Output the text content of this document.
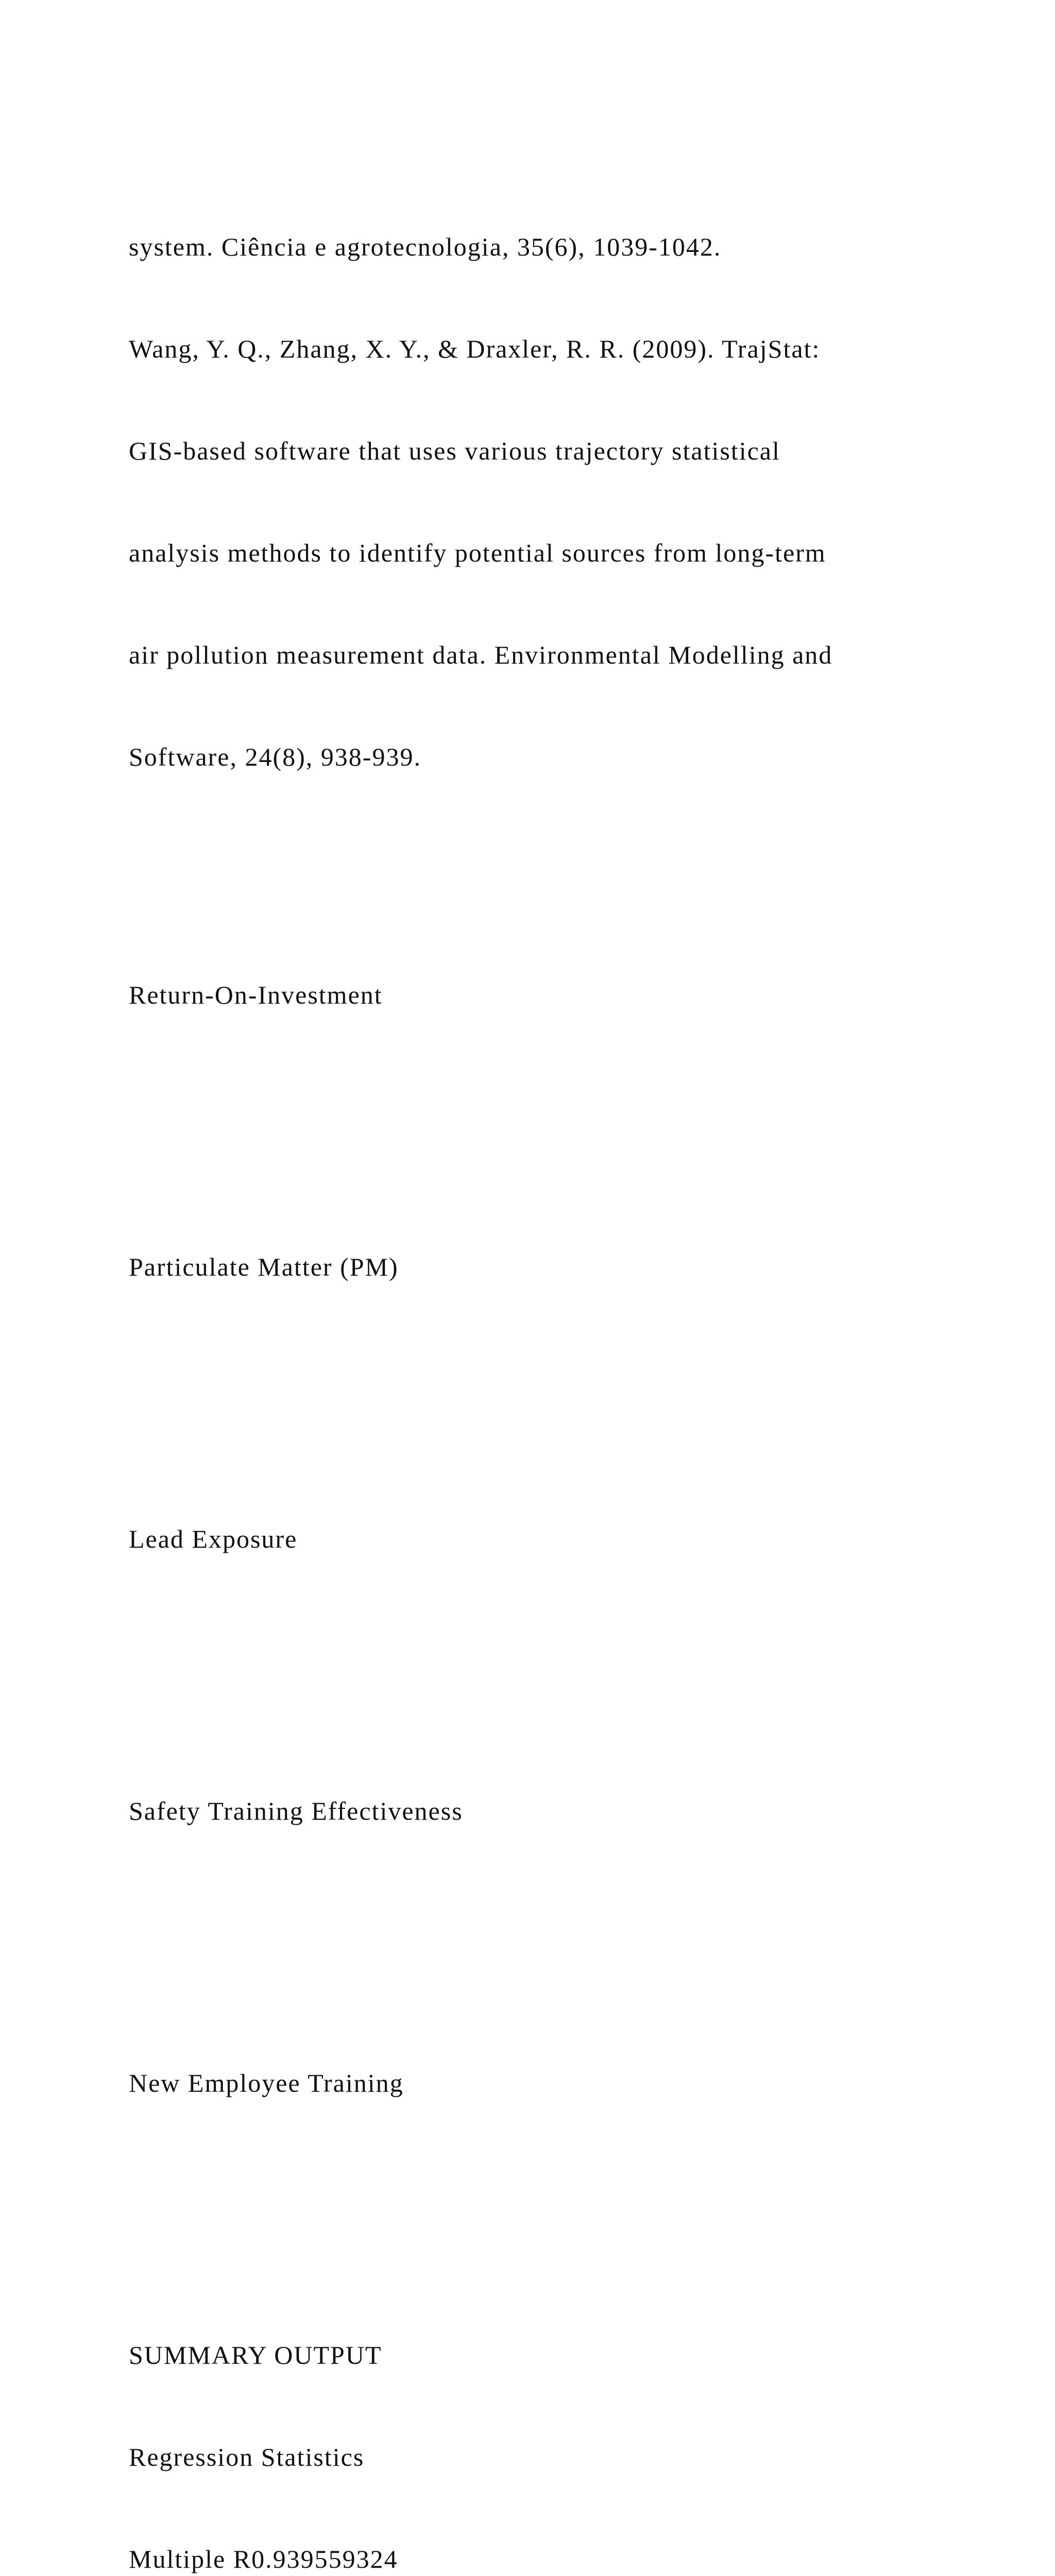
system. Ciência e agrotecnologia, 35(6), 1039-1042.

Wang, Y. Q., Zhang, X. Y., & Draxler, R. R. (2009). TrajStat:

GIS-based software that uses various trajectory statistical

analysis methods to identify potential sources from long-term

air pollution measurement data. Environmental Modelling and

Software, 24(8), 938-939.

Return-On-Investment

Particulate Matter (PM)

Lead Exposure

Safety Training Effectiveness

New Employee Training

SUMMARY OUTPUT

Regression Statistics

Multiple R0.939559324
